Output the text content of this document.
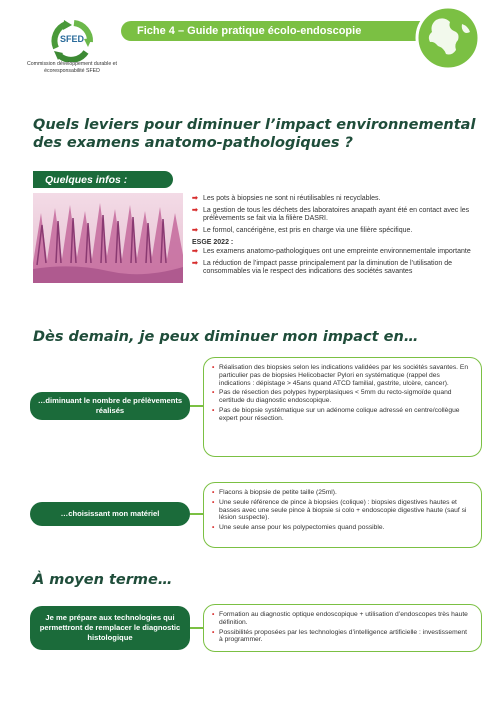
SFED
Commission développement durable et écoresponsabilité SFED
Fiche 4 – Guide pratique écolo-endoscopie
Quels leviers pour diminuer l’impact environnemental des examens anatomo-pathologiques ?
Quelques infos :
➡ Les pots à biopsies ne sont ni réutilisables ni recyclables.
➡ La gestion de tous les déchets des laboratoires anapath ayant été en contact avec les prélèvements se fait via la filière DASRI.
➡ Le formol, cancérigène, est pris en charge via une filière spécifique.
ESGE 2022 :
➡ Les examens anatomo-pathologiques ont une empreinte environnementale importante
➡ La réduction de l’impact passe principalement par la diminution de l’utilisation de consommables via le respect des indications des sociétés savantes
Dès demain, je peux diminuer mon impact en…
…diminuant le nombre de prélèvements réalisés
• Réalisation des biopsies selon les indications validées par les sociétés savantes. En particulier pas de biopsies Helicobacter Pylori en systématique (rappel des indications : dépistage > 45ans quand ATCD familial, gastrite, ulcère, cancer).
• Pas de résection des polypes hyperplasiques < 5mm du recto-sigmoïde quand certitude du diagnostic endoscopique.
• Pas de biopsie systématique sur un adénome colique adressé en centre/collègue expert pour résection.
…choisissant mon matériel
• Flacons à biopsie de petite taille (25ml).
• Une seule référence de pince à biopsies (colique) : biopsies digestives hautes et basses avec une seule pince à biopsie si colo + endoscopie digestive haute (sauf si lésion suspecte).
• Une seule anse pour les polypectomies quand possible.
À moyen terme…
Je me prépare aux technologies qui permettront de remplacer le diagnostic histologique
• Formation au diagnostic optique endoscopique + utilisation d’endoscopes très haute définition.
• Possibilités proposées par les technologies d’intelligence artificielle : investissement à programmer.
